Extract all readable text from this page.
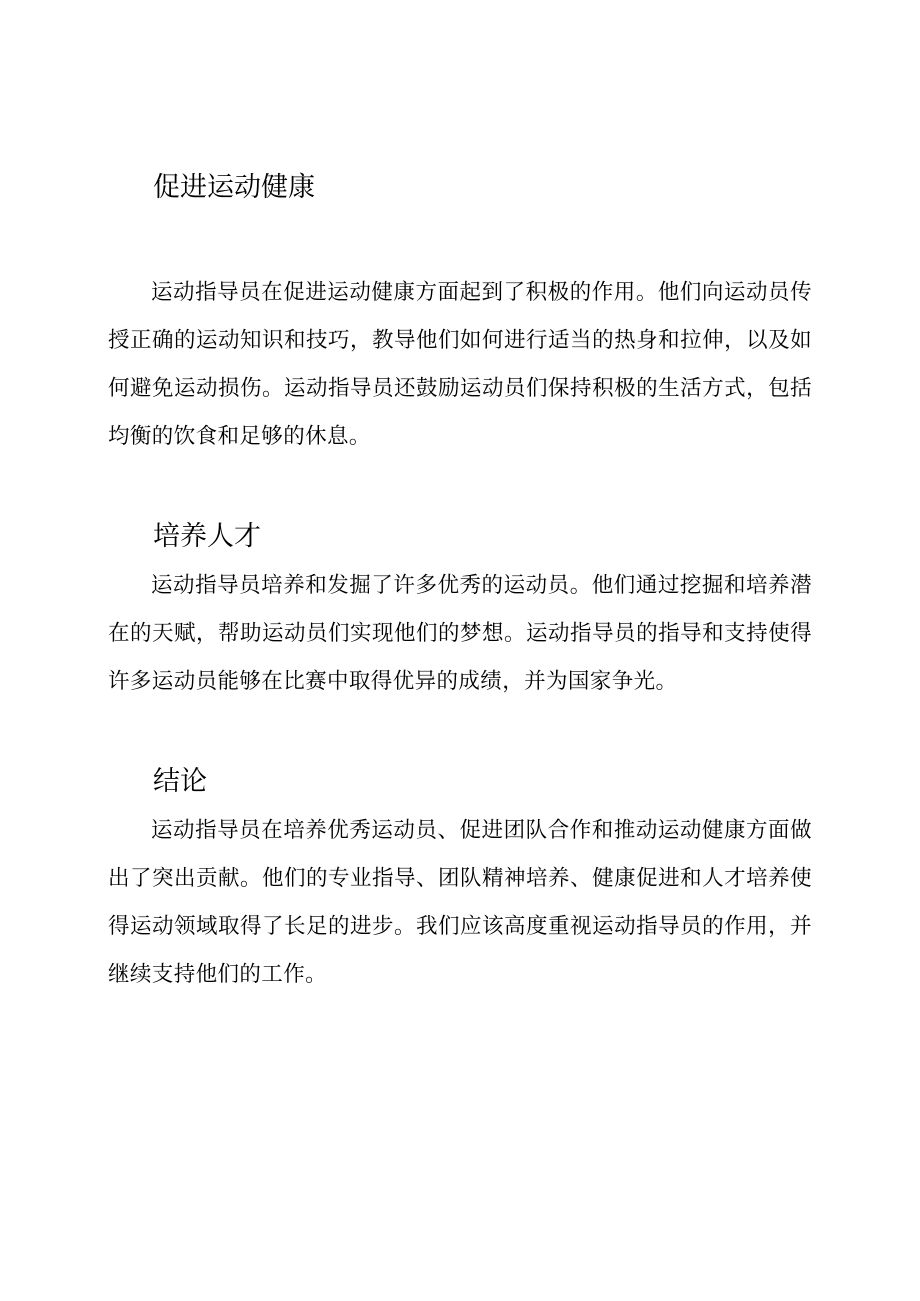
促进运动健康

运动指导员在促进运动健康方面起到了积极的作用。他们向运动员传授正确的运动知识和技巧，教导他们如何进行适当的热身和拉伸，以及如何避免运动损伤。运动指导员还鼓励运动员们保持积极的生活方式，包括均衡的饮食和足够的休息。

培养人才

运动指导员培养和发掘了许多优秀的运动员。他们通过挖掘和培养潜在的天赋，帮助运动员们实现他们的梦想。运动指导员的指导和支持使得许多运动员能够在比赛中取得优异的成绩，并为国家争光。

结论

运动指导员在培养优秀运动员、促进团队合作和推动运动健康方面做出了突出贡献。他们的专业指导、团队精神培养、健康促进和人才培养使得运动领域取得了长足的进步。我们应该高度重视运动指导员的作用，并继续支持他们的工作。
